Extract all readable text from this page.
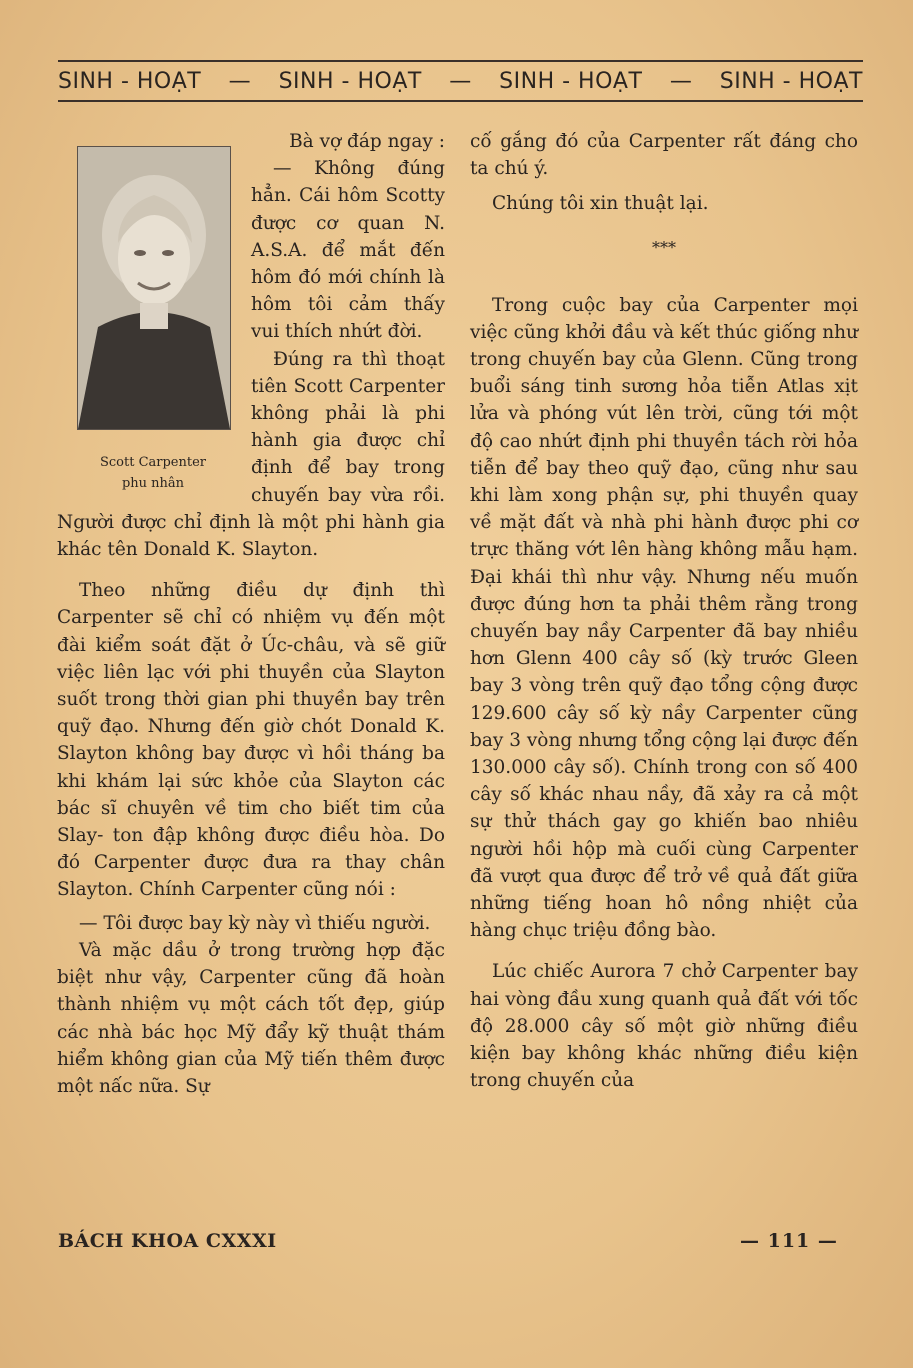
SINH - HOẠT — SINH - HOẠT — SINH - HOẠT — SINH - HOẠT
Scott Carpenter
phu nhân

Bà vợ đáp ngay :

— Không đúng hẳn. Cái hôm Scotty được cơ quan N. A.S.A. để mắt đến hôm đó mới chính là hôm tôi cảm thấy vui thích nhứt đời.

Đúng ra thì thoạt tiên Scott Carpenter không phải là phi hành gia được chỉ định để bay trong chuyến bay vừa rồi. Người được chỉ định là một phi hành gia khác tên Donald K. Slayton.

Theo những điều dự định thì Carpenter sẽ chỉ có nhiệm vụ đến một đài kiểm soát đặt ở Úc-châu, và sẽ giữ việc liên lạc với phi thuyền của Slayton suốt trong thời gian phi thuyền bay trên quỹ đạo. Nhưng đến giờ chót Donald K. Slayton không bay được vì hồi tháng ba khi khám lại sức khỏe của Slayton các bác sĩ chuyên về tim cho biết tim của Slay- ton đập không được điều hòa. Do đó Carpenter được đưa ra thay chân Slayton. Chính Carpenter cũng nói :

— Tôi được bay kỳ này vì thiếu người.

Và mặc dầu ở trong trường hợp đặc biệt như vậy, Carpenter cũng đã hoàn thành nhiệm vụ một cách tốt đẹp, giúp các nhà bác học Mỹ đẩy kỹ thuật thám hiểm không gian của Mỹ tiến thêm được một nấc nữa. Sự

cố gắng đó của Carpenter rất đáng cho ta chú ý.

Chúng tôi xin thuật lại.

***

Trong cuộc bay của Carpenter mọi việc cũng khởi đầu và kết thúc giống như trong chuyến bay của Glenn. Cũng trong buổi sáng tinh sương hỏa tiễn Atlas xịt lửa và phóng vút lên trời, cũng tới một độ cao nhứt định phi thuyền tách rời hỏa tiễn để bay theo quỹ đạo, cũng như sau khi làm xong phận sự, phi thuyền quay về mặt đất và nhà phi hành được phi cơ trực thăng vớt lên hàng không mẫu hạm. Đại khái thì như vậy. Nhưng nếu muốn được đúng hơn ta phải thêm rằng trong chuyến bay nầy Carpenter đã bay nhiều hơn Glenn 400 cây số (kỳ trước Gleen bay 3 vòng trên quỹ đạo tổng cộng được 129.600 cây số kỳ nầy Carpenter cũng bay 3 vòng nhưng tổng cộng lại được đến 130.000 cây số). Chính trong con số 400 cây số khác nhau nầy, đã xảy ra cả một sự thử thách gay go khiến bao nhiêu người hồi hộp mà cuối cùng Carpenter đã vượt qua được để trở về quả đất giữa những tiếng hoan hô nồng nhiệt của hàng chục triệu đồng bào.

Lúc chiếc Aurora 7 chở Carpenter bay hai vòng đầu xung quanh quả đất với tốc độ 28.000 cây số một giờ những điều kiện bay không khác những điều kiện trong chuyến của

BÁCH KHOA CXXXI	— 111 —
